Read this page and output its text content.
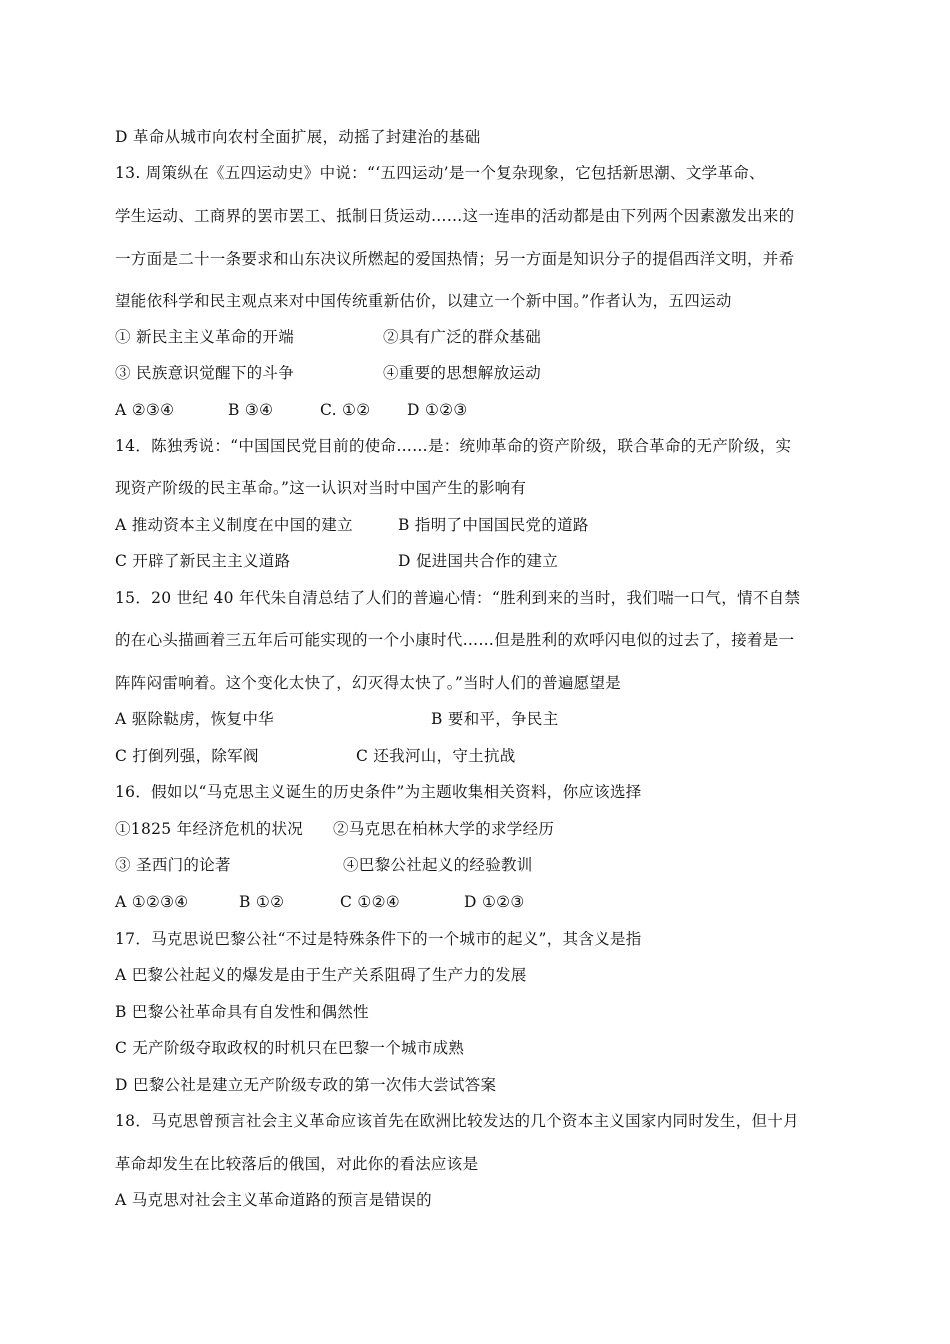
D 革命从城市向农村全面扩展，动摇了封建治的基础
13. 周策纵在《五四运动史》中说：“‘五四运动’是一个复杂现象，它包括新思潮、文学革命、
学生运动、工商界的罢市罢工、抵制日货运动……这一连串的活动都是由下列两个因素激发出来的
一方面是二十一条要求和山东决议所燃起的爱国热情；另一方面是知识分子的提倡西洋文明，并希
望能依科学和民主观点来对中国传统重新估价，以建立一个新中国。”作者认为，五四运动
① 新民主主义革命的开端	②具有广泛的群众基础
③ 民族意识觉醒下的斗争	④重要的思想解放运动
A ②③④	B ③④	C. ①② D ①②③
14．陈独秀说：“中国国民党目前的使命……是：统帅革命的资产阶级，联合革命的无产阶级，实
现资产阶级的民主革命。”这一认识对当时中国产生的影响有
A 推动资本主义制度在中国的建立	B 指明了中国国民党的道路
C 开辟了新民主主义道路	D 促进国共合作的建立
15．20 世纪 40 年代朱自清总结了人们的普遍心情：“胜利到来的当时，我们喘一口气，情不自禁
的在心头描画着三五年后可能实现的一个小康时代……但是胜利的欢呼闪电似的过去了，接着是一
阵阵闷雷响着。这个变化太快了，幻灭得太快了。”当时人们的普遍愿望是
A 驱除鞑虏，恢复中华	B 要和平，争民主
C 打倒列强，除军阀	C 还我河山，守土抗战
16．假如以“马克思主义诞生的历史条件”为主题收集相关资料，你应该选择
①1825 年经济危机的状况 ②马克思在柏林大学的求学经历
③ 圣西门的论著	④巴黎公社起义的经验教训
A ①②③④	B ①②	C ①②④	D ①②③
17．马克思说巴黎公社“不过是特殊条件下的一个城市的起义”，其含义是指
A 巴黎公社起义的爆发是由于生产关系阻碍了生产力的发展
B 巴黎公社革命具有自发性和偶然性
C 无产阶级夺取政权的时机只在巴黎一个城市成熟
D 巴黎公社是建立无产阶级专政的第一次伟大尝试答案
18．马克思曾预言社会主义革命应该首先在欧洲比较发达的几个资本主义国家内同时发生，但十月
革命却发生在比较落后的俄国，对此你的看法应该是
A 马克思对社会主义革命道路的预言是错误的
